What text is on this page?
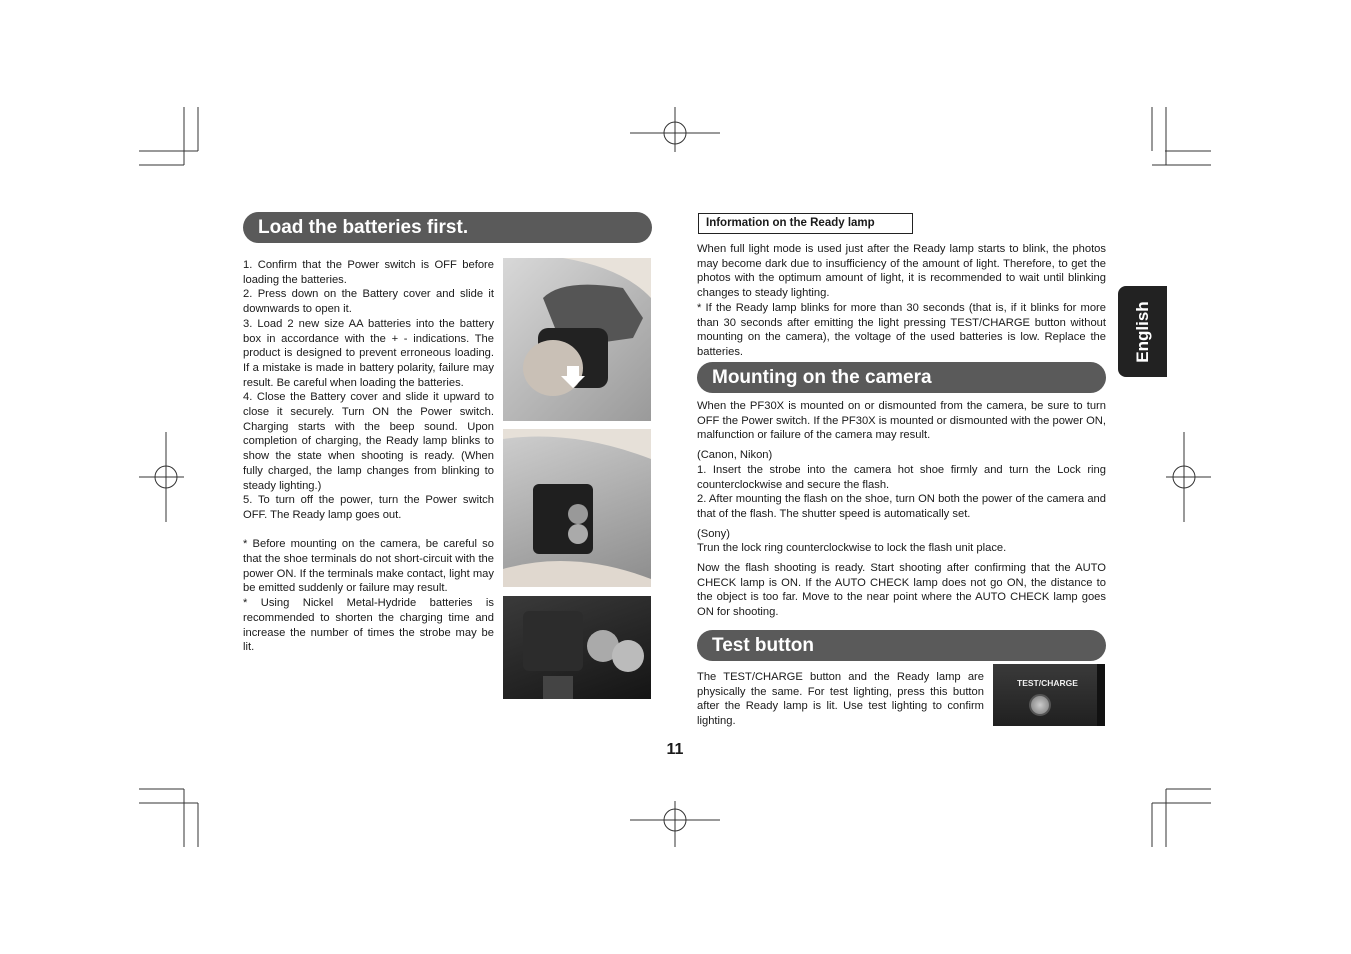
Load the batteries first.

1. Confirm that the Power switch is OFF before loading the batteries.

2. Press down on the Battery cover and slide it downwards to open it.

3. Load 2 new size AA batteries into the battery box in accordance with the + - indications. The product is designed to prevent erroneous loading. If a mistake is made in battery polarity, failure may result. Be careful when loading the batteries.

4. Close the Battery cover and slide it upward to close it securely. Turn ON the Power switch. Charging starts with the beep sound. Upon completion of charging, the Ready lamp blinks to show the state when shooting is ready. (When fully charged, the lamp changes from blinking to steady lighting.)

5. To turn off the power, turn the Power switch OFF. The Ready lamp goes out.

* Before mounting on the camera, be careful so that the shoe terminals do not short-circuit with the power ON. If the terminals make contact, light may be emitted suddenly or failure may result.

* Using Nickel Metal-Hydride batteries is recommended to shorten the charging time and increase the number of times the strobe may be lit.

Information on the Ready lamp

When full light mode is used just after the Ready lamp starts to blink, the photos may become dark due to insufficiency of the amount of light. Therefore, to get the photos with the optimum amount of light, it is recommended to wait until blinking changes to steady lighting.

* If the Ready lamp blinks for more than 30 seconds (that is, if it blinks for more than 30 seconds after emitting the light pressing TEST/CHARGE button without mounting on the camera), the voltage of the used batteries is low. Replace the batteries.

Mounting on the camera

When the PF30X is mounted on or dismounted from the camera, be sure to turn OFF the Power switch. If the PF30X is mounted or dismounted with the power ON, malfunction or failure of the camera may result.

(Canon, Nikon)

1. Insert the strobe into the camera hot shoe firmly and turn the Lock ring counterclockwise and secure the flash.

2. After mounting the flash on the shoe, turn ON both the power of the camera and that of the flash. The shutter speed is automatically set.

(Sony)

Trun the lock ring counterclockwise to lock the flash unit place.

Now the flash shooting is ready. Start shooting after confirming that the AUTO CHECK lamp is ON. If the AUTO CHECK lamp does not go ON, the distance to the object is too far. Move to the near point where the AUTO CHECK lamp goes ON for shooting.

Test button
The TEST/CHARGE button and the Ready lamp are physically the same. For test lighting, press this button after the Ready lamp is lit. Use test lighting to confirm lighting.
TEST/CHARGE
English
11
